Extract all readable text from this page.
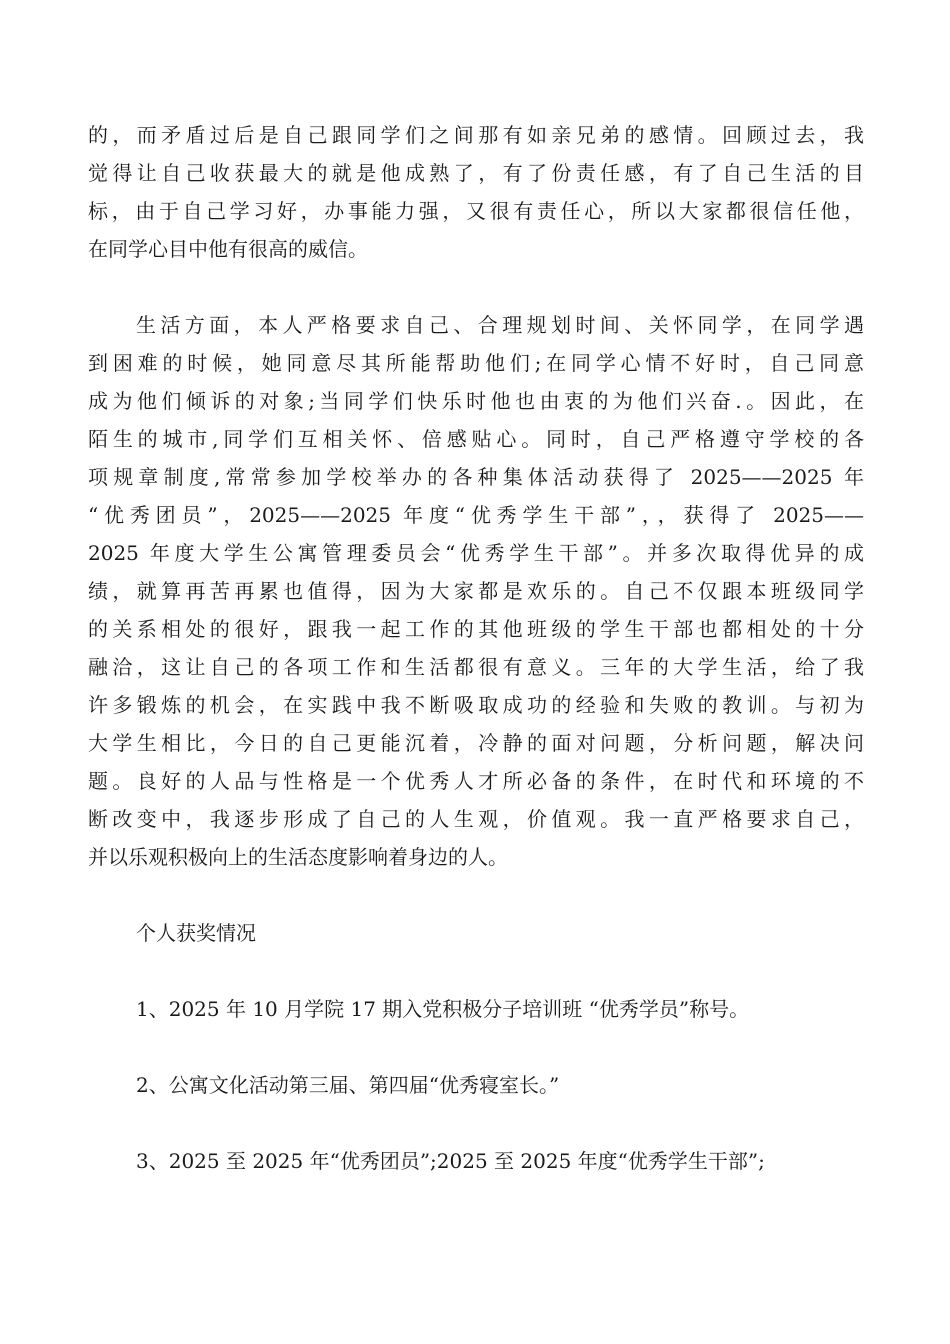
的，而矛盾过后是自己跟同学们之间那有如亲兄弟的感情。回顾过去，我

觉得让自己收获最大的就是他成熟了，有了份责任感，有了自己生活的目

标，由于自己学习好，办事能力强，又很有责任心，所以大家都很信任他，

在同学心目中他有很高的威信。

生活方面，本人严格要求自己、合理规划时间、关怀同学，在同学遇

到困难的时候，她同意尽其所能帮助他们;在同学心情不好时，自己同意

成为他们倾诉的对象;当同学们快乐时他也由衷的为他们兴奋.。因此，在

陌生的城市,同学们互相关怀、倍感贴心。同时，自己严格遵守学校的各

项规章制度,常常参加学校举办的各种集体活动获得了 2025——2025 年

“优秀团员”，2025——2025 年度“优秀学生干部”，，获得了 2025——

2025 年度大学生公寓管理委员会“优秀学生干部”。并多次取得优异的成

绩，就算再苦再累也值得，因为大家都是欢乐的。自己不仅跟本班级同学

的关系相处的很好，跟我一起工作的其他班级的学生干部也都相处的十分

融洽，这让自己的各项工作和生活都很有意义。三年的大学生活，给了我

许多锻炼的机会，在实践中我不断吸取成功的经验和失败的教训。与初为

大学生相比，今日的自己更能沉着，冷静的面对问题，分析问题，解决问

题。良好的人品与性格是一个优秀人才所必备的条件，在时代和环境的不

断改变中，我逐步形成了自己的人生观，价值观。我一直严格要求自己，

并以乐观积极向上的生活态度影响着身边的人。

个人获奖情况

1、2025 年 10 月学院 17 期入党积极分子培训班 “优秀学员”称号。

2、公寓文化活动第三届、第四届“优秀寝室长。”

3、2025 至 2025 年“优秀团员”;2025 至 2025 年度“优秀学生干部”;
